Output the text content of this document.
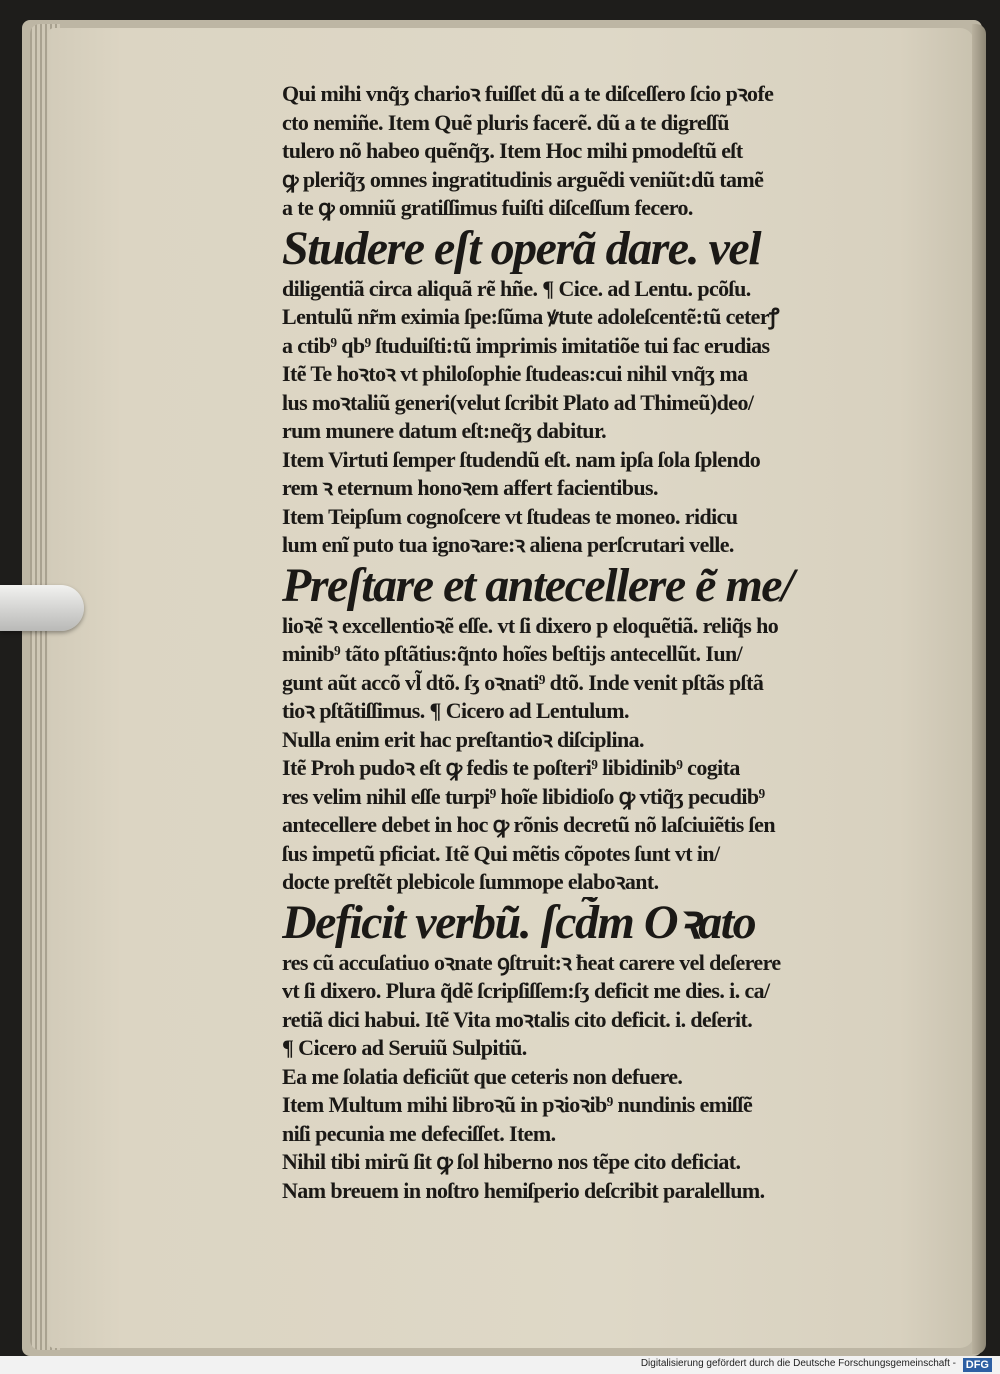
Qui mihi vnq̃ʒ charioꝛ fuiſſet dũ a te diſceſſero ſcio pꝛofe
cto nemiñe. Item Quẽ pluris facerẽ. dũ a te digreſſũ
tulero nõ habeo quẽnq̃ʒ. Item Hoc mihi pmodeſtũ eſt
ꝙ pleriq̃ʒ omnes ingratitudinis arguẽdi veniũt:dũ tamẽ
a te ꝙ omniũ gratiſſimus fuiſti diſceſſum fecero.
Studere eſt operã dare. vel
diligentiã circa aliquã rẽ hñe. ¶ Cice. ad Lentu. pcõſu.
Lentulũ nr̃m eximia ſpe:ſũma ꝟtute adoleſcentẽ:tũ ceterꝭ
a ctib⁹ qb⁹ ſtuduiſti:tũ imprimis imitatiõe tui fac erudias
Itẽ Te hoꝛtoꝛ vt philoſophie ſtudeas:cui nihil vnq̃ʒ ma
lus moꝛtaliũ generi(velut ſcribit Plato ad Thimeũ)deo/
rum munere datum eſt:neq̃ʒ dabitur.
Item Virtuti ſemper ſtudendũ eſt. nam ipſa ſola ſplendo
rem ꝛ eternum honoꝛem affert facientibus.
Item Teipſum cognoſcere vt ſtudeas te moneo. ridicu
lum enĩ puto tua ignoꝛare:ꝛ aliena perſcrutari velle.
Preſtare et antecellere ẽ me/
lioꝛẽ ꝛ excellentioꝛẽ eſſe. vt ſi dixero p eloquẽtiã. reliq̃s ho
minib⁹ tãto pſtãtius:q̃nto hoĩes beſtijs antecellũt. Iun/
gunt aũt accõ vl̃ dtõ. ſʒ oꝛnati⁹ dtõ. Inde venit pſtãs pſtã
tioꝛ pſtãtiſſimus. ¶ Cicero ad Lentulum.
Nulla enim erit hac preſtantioꝛ diſciplina.
Itẽ Proh pudoꝛ eſt ꝙ fedis te poſteri⁹ libidinib⁹ cogita
res velim nihil eſſe turpi⁹ hoĩe libidioſo ꝙ vtiq̃ʒ pecudib⁹
antecellere debet in hoc ꝙ rõnis decretũ nõ laſciuiẽtis ſen
ſus impetũ pficiat. Itẽ Qui mẽtis cõpotes ſunt vt in/
docte preſtẽt plebicole ſummope elaboꝛant.
Deficit verbũ. ſcd̃m Oꝛato
res cũ accuſatiuo oꝛnate ꝯſtruit:ꝛ ħeat carere vel deſerere
vt ſi dixero. Plura q̃dẽ ſcripſiſſem:ſʒ deficit me dies. i. ca/
retiã dici habui. Itẽ Vita moꝛtalis cito deficit. i. deſerit.
¶ Cicero ad Seruiũ Sulpitiũ.
Ea me ſolatia deficiũt que ceteris non defuere.
Item Multum mihi libroꝛũ in pꝛioꝛib⁹ nundinis emiſſẽ
niſi pecunia me defeciſſet. Item.
Nihil tibi mirũ ſit ꝙ ſol hiberno nos tẽpe cito deficiat.
Nam breuem in noſtro hemiſperio deſcribit paralellum.
Digitalisierung gefördert durch die Deutsche Forschungsgemeinschaft - DFG
